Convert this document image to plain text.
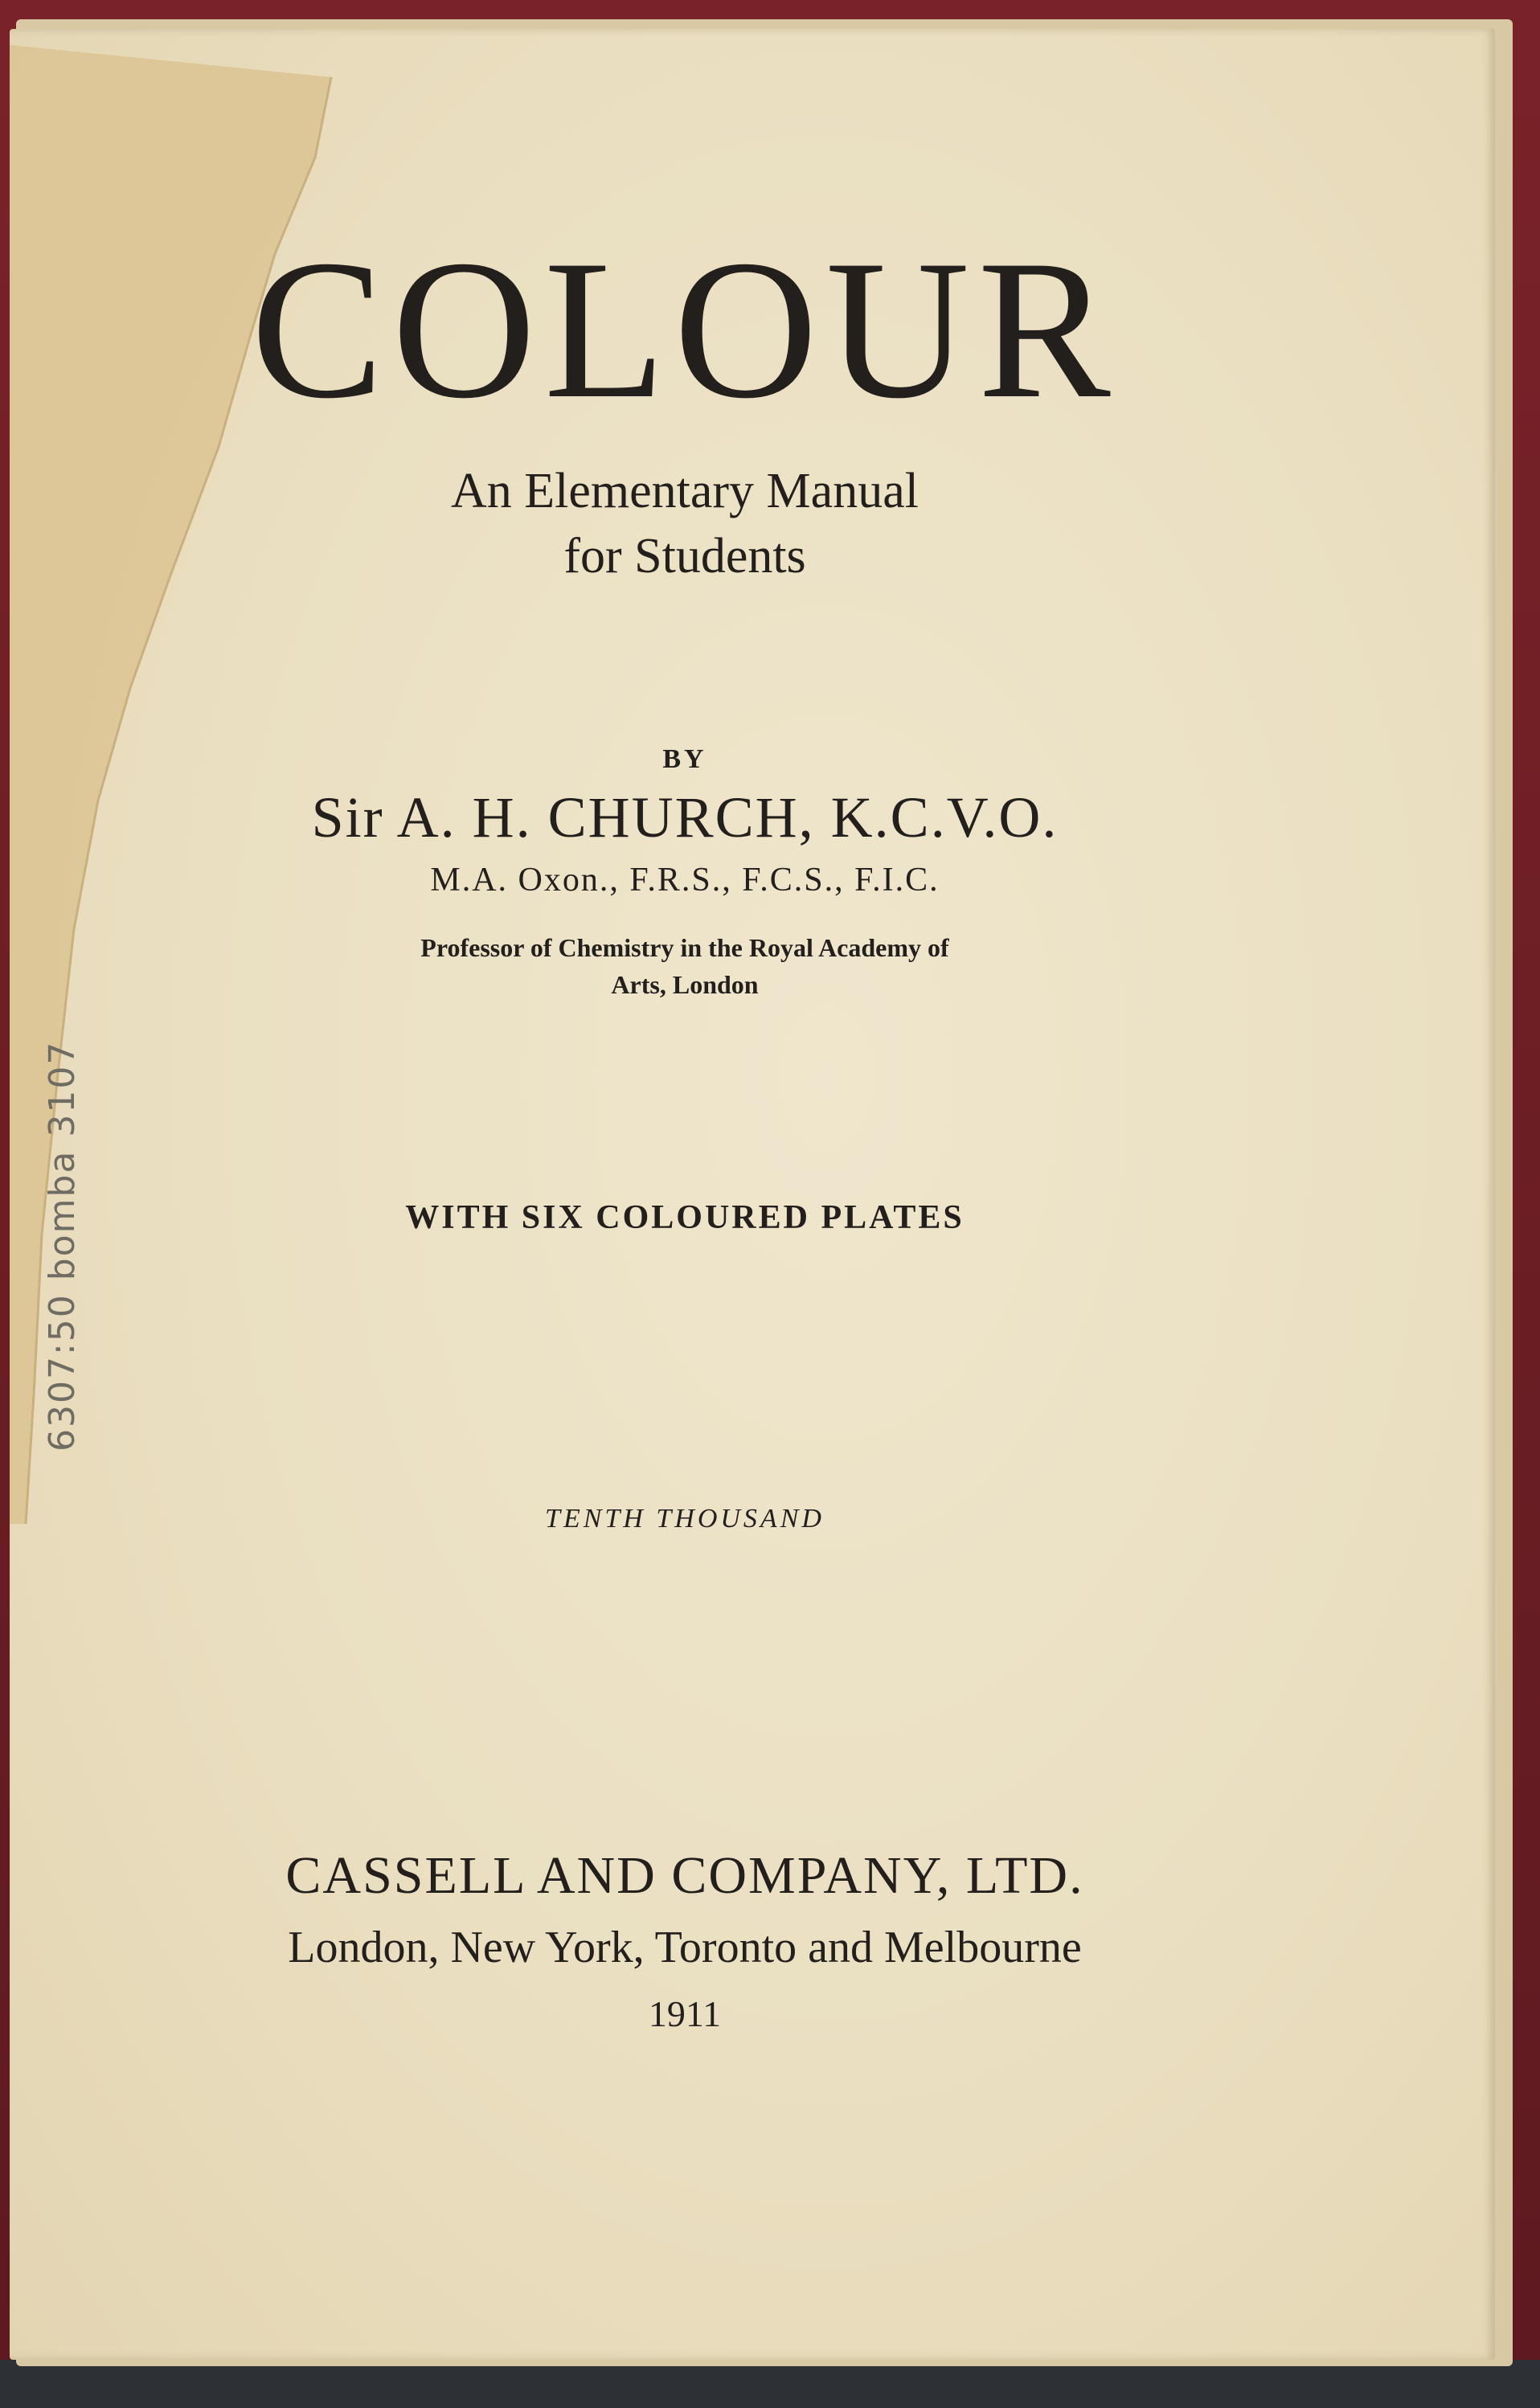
COLOUR
An Elementary Manual
for Students
BY
Sir A. H. CHURCH, K.C.V.O.
M.A. Oxon., F.R.S., F.C.S., F.I.C.
Professor of Chemistry in the Royal Academy of
Arts, London
WITH SIX COLOURED PLATES
TENTH THOUSAND
CASSELL AND COMPANY, LTD.
London, New York, Toronto and Melbourne
1911
6307:50 bomba 3107
